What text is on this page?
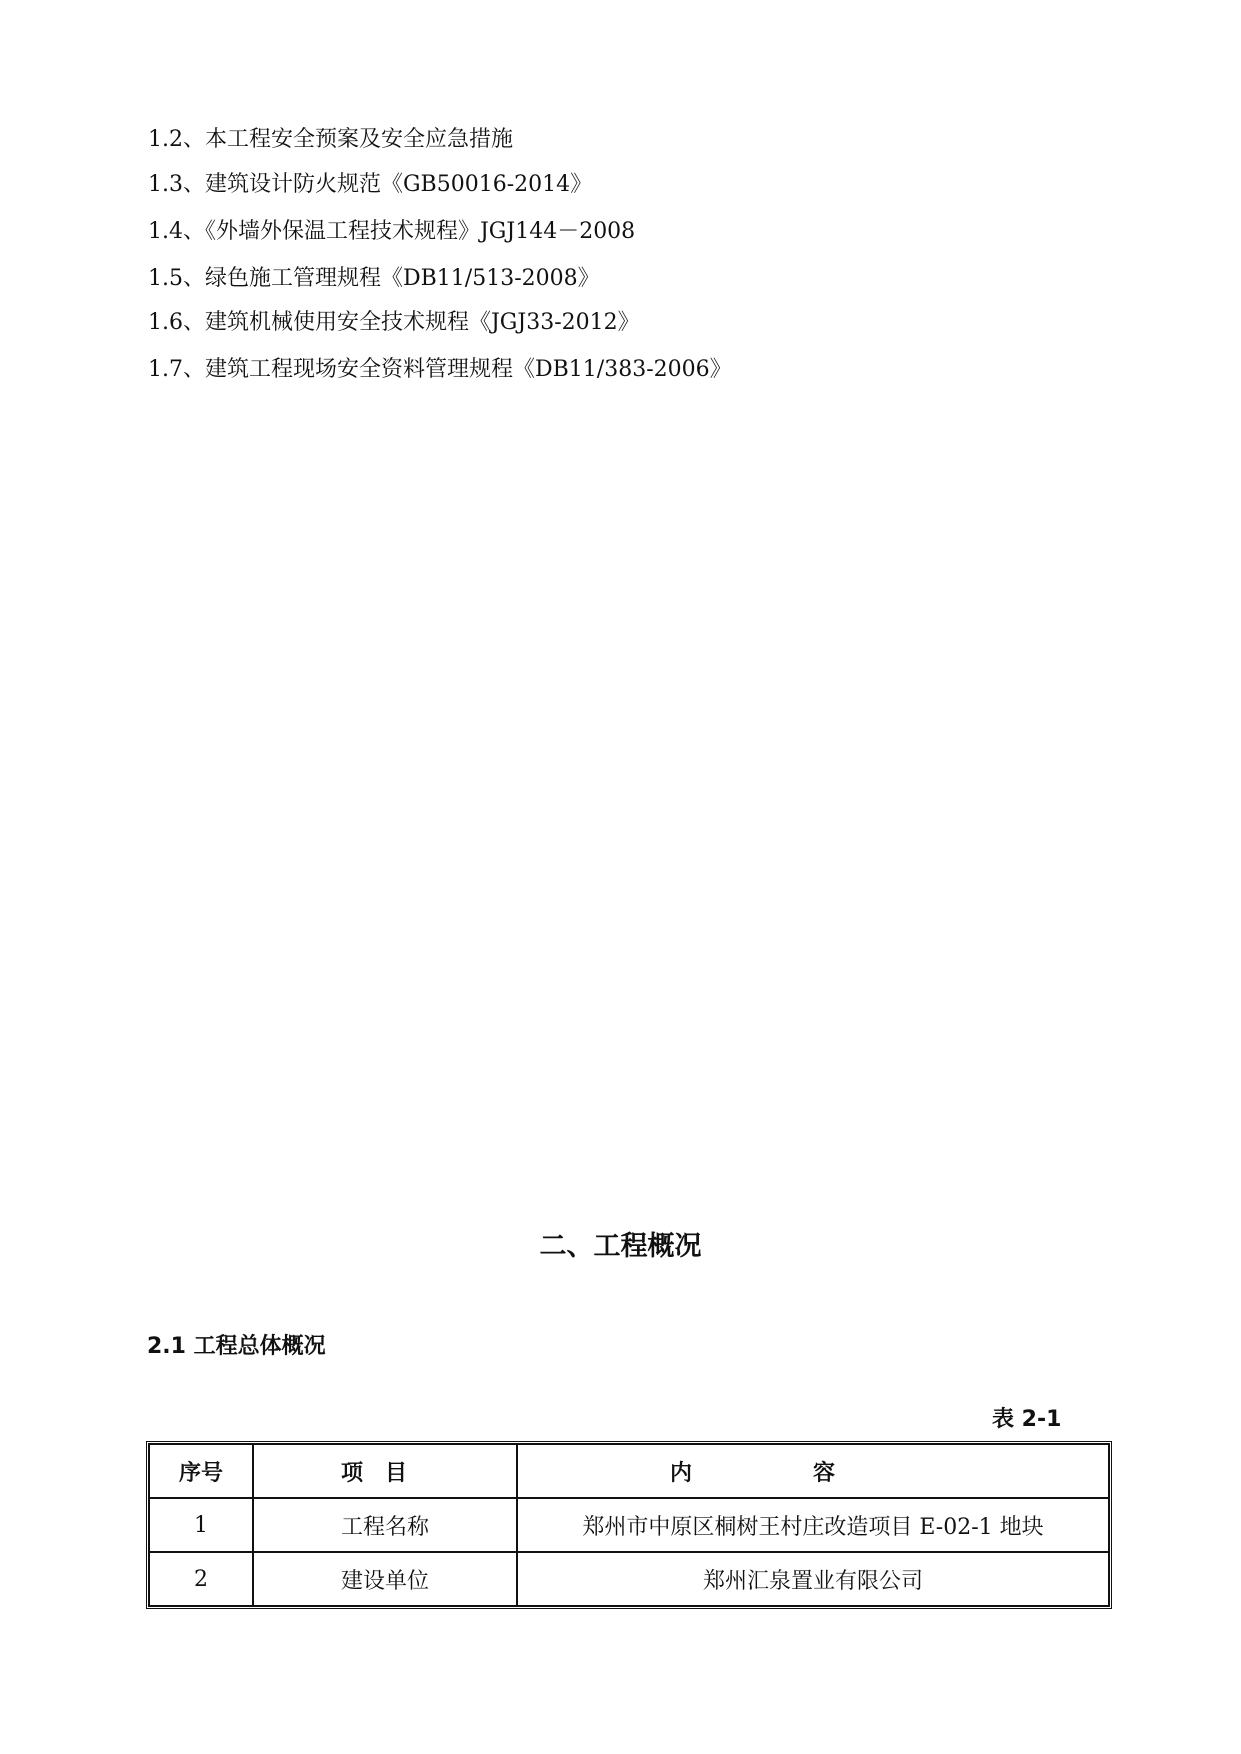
1.2、本工程安全预案及安全应急措施
1.3、建筑设计防火规范《GB50016-2014》
1.4、《外墙外保温工程技术规程》JGJ144－2008
1.5、绿色施工管理规程《DB11/513-2008》
1.6、建筑机械使用安全技术规程《JGJ33-2012》
1.7、建筑工程现场安全资料管理规程《DB11/383-2006》
二、工程概况
2.1 工程总体概况
表 2-1
序号	项目	内容
1	工程名称	郑州市中原区桐树王村庄改造项目 E-02-1 地块
2	建设单位	郑州汇泉置业有限公司
